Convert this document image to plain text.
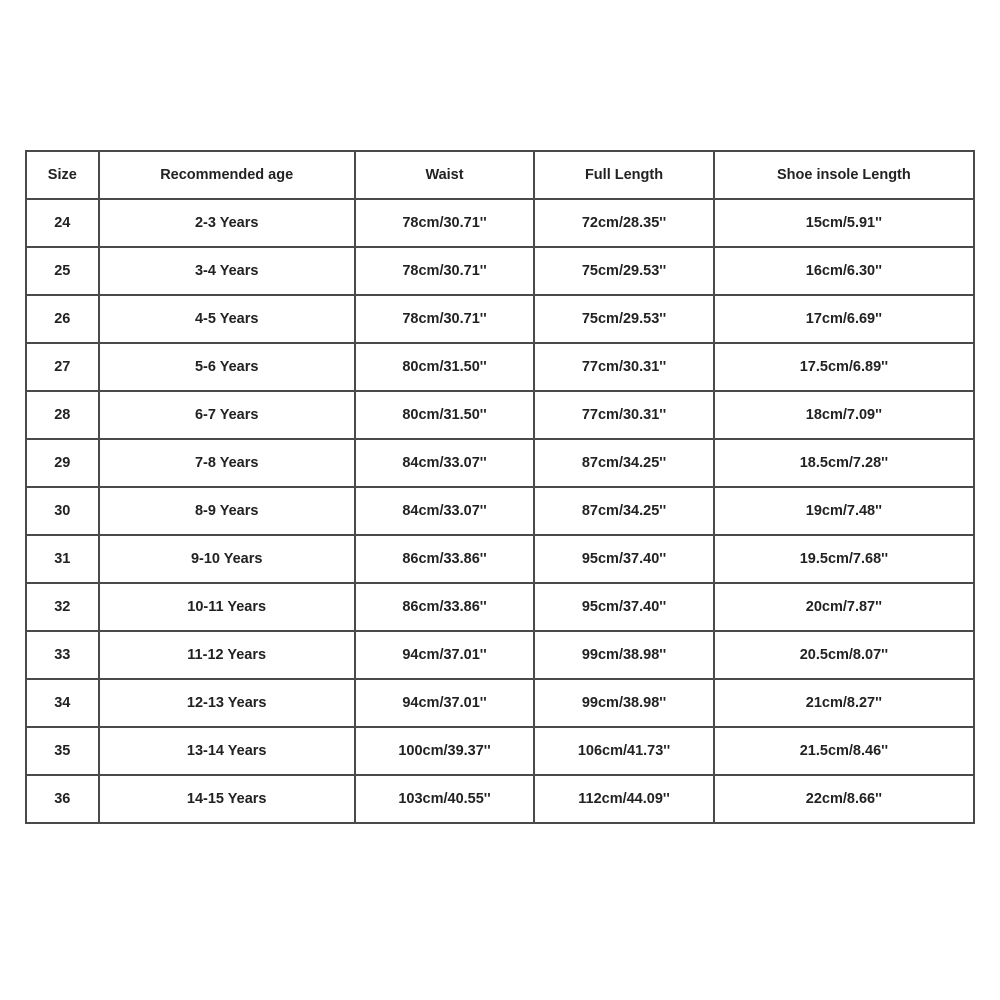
Size	Recommended age	Waist	Full Length	Shoe insole Length
24	2-3 Years	78cm/30.71''	72cm/28.35''	15cm/5.91''
25	3-4 Years	78cm/30.71''	75cm/29.53''	16cm/6.30''
26	4-5 Years	78cm/30.71''	75cm/29.53''	17cm/6.69''
27	5-6 Years	80cm/31.50''	77cm/30.31''	17.5cm/6.89''
28	6-7 Years	80cm/31.50''	77cm/30.31''	18cm/7.09''
29	7-8 Years	84cm/33.07''	87cm/34.25''	18.5cm/7.28''
30	8-9 Years	84cm/33.07''	87cm/34.25''	19cm/7.48''
31	9-10 Years	86cm/33.86''	95cm/37.40''	19.5cm/7.68''
32	10-11 Years	86cm/33.86''	95cm/37.40''	20cm/7.87''
33	11-12 Years	94cm/37.01''	99cm/38.98''	20.5cm/8.07''
34	12-13 Years	94cm/37.01''	99cm/38.98''	21cm/8.27''
35	13-14 Years	100cm/39.37''	106cm/41.73''	21.5cm/8.46''
36	14-15 Years	103cm/40.55''	112cm/44.09''	22cm/8.66''
